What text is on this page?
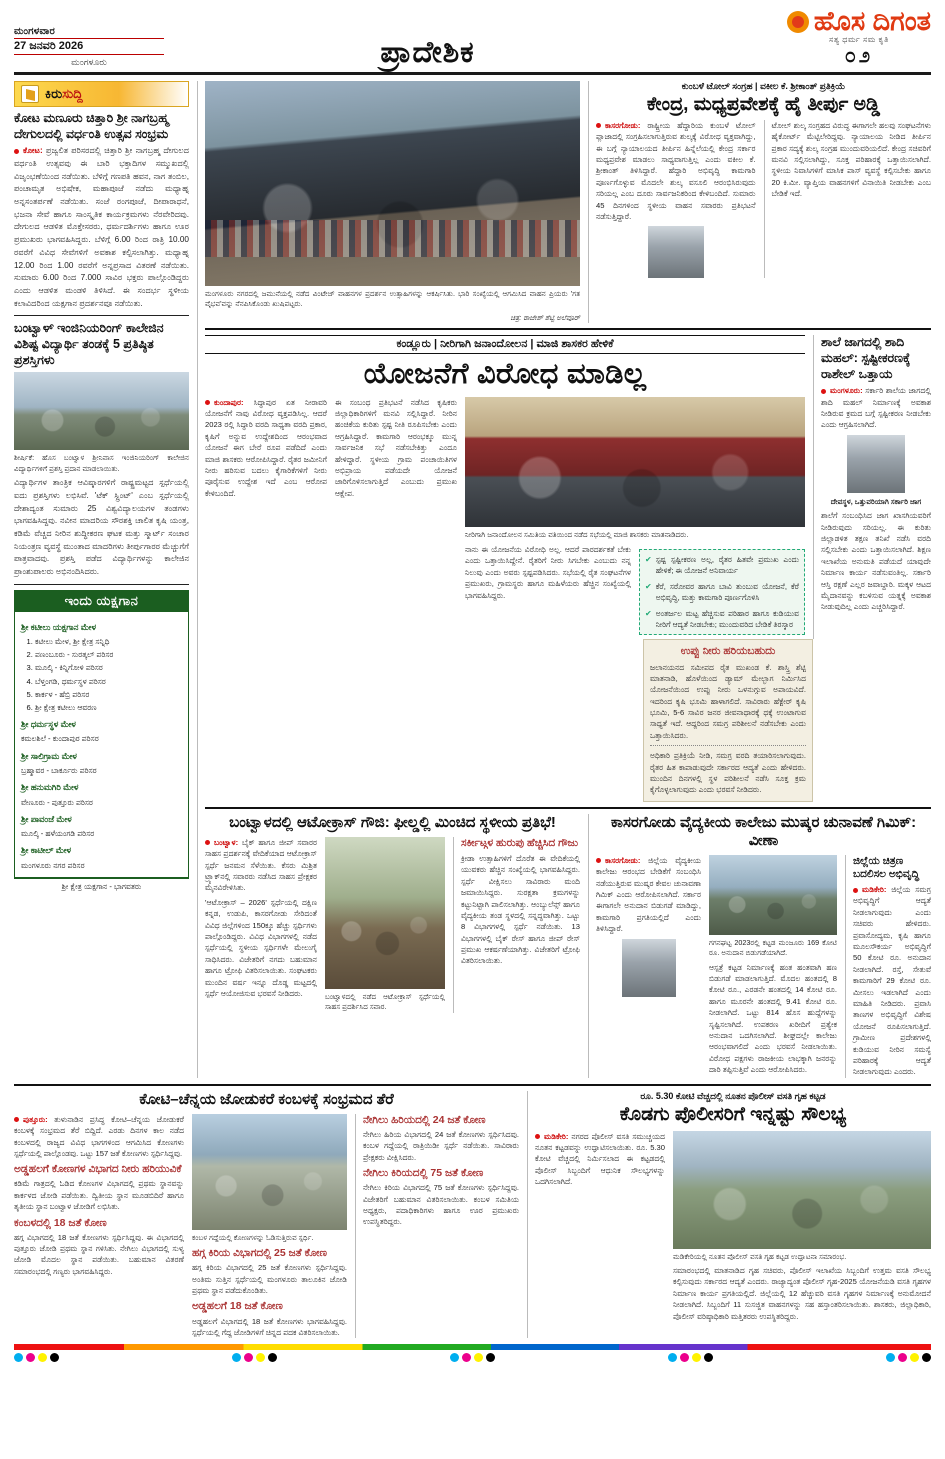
ಮಂಗಳವಾರ
27 ಜನವರಿ 2026
ಮಂಗಳೂರು	ಪ್ರಾದೇಶಿಕ
ಹೊಸ ದಿಗಂತ
ಸತ್ಯ ಧರ್ಮ ಸಮ ಕೃತಿ
೦೨
ಕಿರುಸುದ್ದಿ
ಕೋಟ ಮಣೂರು ಚಿತ್ತಾರಿ ಶ್ರೀ ನಾಗಬ್ರಹ್ಮ ದೇಗುಲದಲ್ಲಿ ವರ್ಧಂತಿ ಉತ್ಸವ ಸಂಭ್ರಮ
ಕೋಟ: ಪ್ರಜ್ವಲಿತ ಪರಿಸರದಲ್ಲಿ ಚಿತ್ತಾರಿ ಶ್ರೀ ನಾಗಬ್ರಹ್ಮ ದೇಗುಲದ ವರ್ಧಂತಿ ಉತ್ಸವವು ಈ ಬಾರಿ ಭಕ್ತಾದಿಗಳ ಸಮ್ಮುಖದಲ್ಲಿ ವಿಜೃಂಭಣೆಯಿಂದ ನಡೆಯಿತು. ಬೆಳಿಗ್ಗೆ ಗಣಪತಿ ಹವನ, ನಾಗ ತಂಬಿಲ, ಪಂಚಾಮೃತ ಅಭಿಷೇಕ, ಮಹಾಪೂಜೆ ನಡೆದು ಮಧ್ಯಾಹ್ನ ಅನ್ನಸಂತರ್ಪಣೆ ನಡೆಯಿತು. ಸಂಜೆ ರಂಗಪೂಜೆ, ದೀಪಾರಾಧನೆ, ಭಜನಾ ಸೇವೆ ಹಾಗೂ ಸಾಂಸ್ಕೃತಿಕ ಕಾರ್ಯಕ್ರಮಗಳು ನೆರವೇರಿದವು. ದೇಗುಲದ ಆಡಳಿತ ಮೊಕ್ತೇಸರರು, ಧರ್ಮದರ್ಶಿಗಳು ಹಾಗೂ ಊರ ಪ್ರಮುಖರು ಭಾಗವಹಿಸಿದ್ದರು. ಬೆಳಿಗ್ಗೆ 6.00 ರಿಂದ ರಾತ್ರಿ 10.00 ರವರೆಗೆ ವಿವಿಧ ಸೇವೆಗಳಿಗೆ ಅವಕಾಶ ಕಲ್ಪಿಸಲಾಗಿತ್ತು. ಮಧ್ಯಾಹ್ನ 12.00 ರಿಂದ 1.00 ರವರೆಗೆ ಅನ್ನಪ್ರಸಾದ ವಿತರಣೆ ನಡೆಯಿತು. ಸುಮಾರು 6.00 ರಿಂದ 7.000 ಸಾವಿರ ಭಕ್ತರು ಪಾಲ್ಗೊಂಡಿದ್ದರು ಎಂದು ಆಡಳಿತ ಮಂಡಳಿ ತಿಳಿಸಿದೆ. ಈ ಸಂದರ್ಭ ಸ್ಥಳೀಯ ಕಲಾವಿದರಿಂದ ಯಕ್ಷಗಾನ ಪ್ರದರ್ಶನವೂ ನಡೆಯಿತು.
ಬಂಟ್ವಾಳ್ ಇಂಜಿನಿಯರಿಂಗ್ ಕಾಲೇಜಿನ ವಿಶಿಷ್ಟ ವಿದ್ಯಾರ್ಥಿ ತಂಡಕ್ಕೆ 5 ಪ್ರತಿಷ್ಠಿತ ಪ್ರಶಸ್ತಿಗಳು
ಶೀರ್ಷಿಕೆ: ಹೊಸ ಬಂಟ್ವಾಳ ಶ್ರೀನಿವಾಸ ಇಂಜಿನಿಯರಿಂಗ್ ಕಾಲೇಜಿನ ವಿದ್ಯಾರ್ಥಿಗಳಿಗೆ ಪ್ರಶಸ್ತಿ ಪ್ರದಾನ ಮಾಡಲಾಯಿತು.
ವಿದ್ಯಾರ್ಥಿಗಳ ತಾಂತ್ರಿಕ ಆವಿಷ್ಕಾರಗಳಿಗೆ ರಾಷ್ಟ್ರಮಟ್ಟದ ಸ್ಪರ್ಧೆಯಲ್ಲಿ ಐದು ಪ್ರಶಸ್ತಿಗಳು ಲಭಿಸಿವೆ. 'ಟೆಕ್ ಸ್ಪ್ರಿಂಟ್' ಎಂಬ ಸ್ಪರ್ಧೆಯಲ್ಲಿ ದೇಶಾದ್ಯಂತ ಸುಮಾರು 25 ವಿಶ್ವವಿದ್ಯಾಲಯಗಳ ತಂಡಗಳು ಭಾಗವಹಿಸಿದ್ದವು. ನವೀನ ಮಾದರಿಯ ಸೌರಶಕ್ತಿ ಚಾಲಿತ ಕೃಷಿ ಯಂತ್ರ, ಕಡಿಮೆ ವೆಚ್ಚದ ನೀರಿನ ಶುದ್ಧೀಕರಣ ಘಟಕ ಮತ್ತು ಸ್ಮಾರ್ಟ್ ಸಂಚಾರ ನಿಯಂತ್ರಣ ವ್ಯವಸ್ಥೆ ಮುಂತಾದ ಮಾದರಿಗಳು ತೀರ್ಪುಗಾರರ ಮೆಚ್ಚುಗೆಗೆ ಪಾತ್ರವಾದವು. ಪ್ರಶಸ್ತಿ ಪಡೆದ ವಿದ್ಯಾರ್ಥಿಗಳನ್ನು ಕಾಲೇಜಿನ ಪ್ರಾಂಶುಪಾಲರು ಅಭಿನಂದಿಸಿದರು.
ಇಂದು ಯಕ್ಷಗಾನ
ಶ್ರೀ ಕಟೀಲು ಯಕ್ಷಗಾನ ಮೇಳ
1. ಕಟೀಲು ಮೇಳ, ಶ್ರೀ ಕ್ಷೇತ್ರ ಸನ್ನಿಧಿ
2. ಪಣಂಬೂರು - ಸುರತ್ಕಲ್ ಪರಿಸರ
3. ಮೂಲ್ಕಿ - ಕಿನ್ನಿಗೋಳಿ ಪರಿಸರ
4. ಬೆಳ್ತಂಗಡಿ, ಧರ್ಮಸ್ಥಳ ಪರಿಸರ
5. ಕಾರ್ಕಳ - ಹೆಬ್ರಿ ಪರಿಸರ
6. ಶ್ರೀ ಕ್ಷೇತ್ರ ಕಟೀಲು ಆವರಣ
ಶ್ರೀ ಧರ್ಮಸ್ಥಳ ಮೇಳ
ಕಮಲಶಿಲೆ - ಕುಂದಾಪುರ ಪರಿಸರ
ಶ್ರೀ ಸಾಲಿಗ್ರಾಮ ಮೇಳ
ಬ್ರಹ್ಮಾವರ - ಬಾರ್ಕೂರು ಪರಿಸರ
ಶ್ರೀ ಹನುಮಗಿರಿ ಮೇಳ
ವೇಣೂರು - ಪುತ್ತೂರು ಪರಿಸರ
ಶ್ರೀ ಪಾವಂಜೆ ಮೇಳ
ಮೂಲ್ಕಿ - ಹಳೆಯಂಗಡಿ ಪರಿಸರ
ಶ್ರೀ ಕಾಟೀಲ್ ಮೇಳ
ಮಂಗಳೂರು ನಗರ ಪರಿಸರ
ಶ್ರೀ ಕ್ಷೇತ್ರ ಯಕ್ಷಗಾನ - ಭಾಗವತರು
ಮಂಗಳೂರು ನಗರದಲ್ಲಿ ಜಮುನೆಯಲ್ಲಿ ನಡೆದ ವಿಂಟೇಜ್ ವಾಹನಗಳ ಪ್ರದರ್ಶನ ಉತ್ಸಾಹಿಗಳನ್ನು ಆಕರ್ಷಿಸಿತು. ಭಾರಿ ಸಂಖ್ಯೆಯಲ್ಲಿ ಆಗಮಿಸಿದ ವಾಹನ ಪ್ರಿಯರು 'ಗತ ವೈಭವ'ವನ್ನು ನೆನಪಿಸಿಕೊಂಡು ಖುಷಿಪಟ್ಟರು.
ಚಿತ್ರ: ರಾಜೇಶ್ ಶೆಟ್ಟಿ ಅಲೆವೂರ್
ಕುಂಬಳೆ ಟೋಲ್ ಸಂಗ್ರಹ | ವಕೀಲ ಕೆ. ಶ್ರೀಕಾಂತ್ ಪ್ರತಿಕ್ರಿಯೆ
ಕೇಂದ್ರ, ಮಧ್ಯಪ್ರವೇಶಕ್ಕೆ ಹೈ ತೀರ್ಪು ಅಡ್ಡಿ
ಕಾಸರಗೋಡು: ರಾಷ್ಟ್ರೀಯ ಹೆದ್ದಾರಿಯ ಕುಂಬಳೆ ಟೋಲ್ ಪ್ಲಾಜಾದಲ್ಲಿ ಸಂಗ್ರಹಿಸಲಾಗುತ್ತಿರುವ ಶುಲ್ಕಕ್ಕೆ ವಿರೋಧ ವ್ಯಕ್ತವಾಗಿದ್ದು, ಈ ಬಗ್ಗೆ ನ್ಯಾಯಾಲಯದ ತೀರ್ಪಿನ ಹಿನ್ನೆಲೆಯಲ್ಲಿ ಕೇಂದ್ರ ಸರ್ಕಾರ ಮಧ್ಯಪ್ರವೇಶ ಮಾಡಲು ಸಾಧ್ಯವಾಗುತ್ತಿಲ್ಲ ಎಂದು ವಕೀಲ ಕೆ. ಶ್ರೀಕಾಂತ್ ತಿಳಿಸಿದ್ದಾರೆ. ಹೆದ್ದಾರಿ ಅಭಿವೃದ್ಧಿ ಕಾಮಗಾರಿ ಪೂರ್ಣಗೊಳ್ಳುವ ಮೊದಲೇ ಶುಲ್ಕ ವಸೂಲಿ ಆರಂಭಿಸಿರುವುದು ಸರಿಯಲ್ಲ ಎಂಬ ದೂರು ಸಾರ್ವಜನಿಕರಿಂದ ಕೇಳಿಬಂದಿದೆ. ಸುಮಾರು 45 ದಿನಗಳಿಂದ ಸ್ಥಳೀಯ ವಾಹನ ಸವಾರರು ಪ್ರತಿಭಟನೆ ನಡೆಸುತ್ತಿದ್ದಾರೆ.
ಟೋಲ್ ಶುಲ್ಕ ಸಂಗ್ರಹದ ವಿರುದ್ಧ ಈಗಾಗಲೇ ಹಲವು ಸಂಘಟನೆಗಳು ಹೈಕೋರ್ಟ್ ಮೆಟ್ಟಿಲೇರಿದ್ದವು. ನ್ಯಾಯಾಲಯ ನೀಡಿದ ತೀರ್ಪಿನ ಪ್ರಕಾರ ಸದ್ಯಕ್ಕೆ ಶುಲ್ಕ ಸಂಗ್ರಹ ಮುಂದುವರಿಯಲಿದೆ. ಕೇಂದ್ರ ಸಚಿವರಿಗೆ ಮನವಿ ಸಲ್ಲಿಸಲಾಗಿದ್ದು, ಸೂಕ್ತ ಪರಿಹಾರಕ್ಕೆ ಒತ್ತಾಯಿಸಲಾಗಿದೆ. ಸ್ಥಳೀಯ ನಿವಾಸಿಗಳಿಗೆ ಮಾಸಿಕ ಪಾಸ್ ವ್ಯವಸ್ಥೆ ಕಲ್ಪಿಸಬೇಕು ಹಾಗೂ 20 ಕಿ.ಮೀ. ವ್ಯಾಪ್ತಿಯ ವಾಹನಗಳಿಗೆ ವಿನಾಯಿತಿ ನೀಡಬೇಕು ಎಂಬ ಬೇಡಿಕೆ ಇದೆ.
ಕಂಡ್ಲೂರು | ನೀರಿಗಾಗಿ ಜನಾಂದೋಲನ | ಮಾಜಿ ಶಾಸಕರ ಹೇಳಿಕೆ
ಯೋಜನೆಗೆ ವಿರೋಧ ಮಾಡಿಲ್ಲ
ಕುಂದಾಪುರ: ಸಿದ್ಧಾಪುರ ಏತ ನೀರಾವರಿ ಯೋಜನೆಗೆ ನಾವು ವಿರೋಧ ವ್ಯಕ್ತಪಡಿಸಿಲ್ಲ. ಆದರೆ 2023 ರಲ್ಲಿ ಸಿದ್ಧಾರಿ ವರದಿ ಸಾಧ್ಯತಾ ವರದಿ ಪ್ರಕಾರ, ಕೃಷಿಗೆ ಅನ್ನುವ ಉದ್ದೇಶದಿಂದ ಆರಂಭವಾದ ಯೋಜನೆ ಈಗ ಬೇರೆ ರೂಪ ಪಡೆದಿದೆ ಎಂದು ಮಾಜಿ ಶಾಸಕರು ಆರೋಪಿಸಿದ್ದಾರೆ. ರೈತರ ಜಮೀನಿಗೆ ನೀರು ಹರಿಸುವ ಬದಲು ಕೈಗಾರಿಕೆಗಳಿಗೆ ನೀರು ಪೂರೈಸುವ ಉದ್ದೇಶ ಇದೆ ಎಂಬ ಆರೋಪ ಕೇಳಿಬಂದಿದೆ.
ಈ ಸಂಬಂಧ ಪ್ರತಿಭಟನೆ ನಡೆಸಿದ ಕೃಷಿಕರು ಜಿಲ್ಲಾಧಿಕಾರಿಗಳಿಗೆ ಮನವಿ ಸಲ್ಲಿಸಿದ್ದಾರೆ. ನೀರಿನ ಹಂಚಿಕೆಯ ಕುರಿತು ಸ್ಪಷ್ಟ ನೀತಿ ರೂಪಿಸಬೇಕು ಎಂದು ಆಗ್ರಹಿಸಿದ್ದಾರೆ. ಕಾಮಗಾರಿ ಆರಂಭಕ್ಕೂ ಮುನ್ನ ಸಾರ್ವಜನಿಕ ಸಭೆ ನಡೆಸಬೇಕಿತ್ತು ಎಂದೂ ಹೇಳಿದ್ದಾರೆ. ಸ್ಥಳೀಯ ಗ್ರಾಮ ಪಂಚಾಯಿತಿಗಳ ಅಭಿಪ್ರಾಯ ಪಡೆಯದೇ ಯೋಜನೆ ಜಾರಿಗೊಳಿಸಲಾಗುತ್ತಿದೆ ಎಂಬುದು ಪ್ರಮುಖ ಆಕ್ಷೇಪ.
ನೀರಿಗಾಗಿ ಜನಾಂದೋಲನ ಸಮಿತಿಯ ವತಿಯಿಂದ ನಡೆದ ಸಭೆಯಲ್ಲಿ ಮಾಜಿ ಶಾಸಕರು ಮಾತನಾಡಿದರು.
ನಾನು ಈ ಯೋಜನೆಯ ವಿರೋಧಿ ಅಲ್ಲ. ಆದರೆ ಪಾರದರ್ಶಕತೆ ಬೇಕು ಎಂದು ಒತ್ತಾಯಿಸಿದ್ದೇನೆ. ರೈತರಿಗೆ ನೀರು ಸಿಗಬೇಕು ಎಂಬುದು ನನ್ನ ನಿಲುವು ಎಂದು ಅವರು ಸ್ಪಷ್ಟಪಡಿಸಿದರು. ಸಭೆಯಲ್ಲಿ ರೈತ ಸಂಘಟನೆಗಳ ಪ್ರಮುಖರು, ಗ್ರಾಮಸ್ಥರು ಹಾಗೂ ಮಹಿಳೆಯರು ಹೆಚ್ಚಿನ ಸಂಖ್ಯೆಯಲ್ಲಿ ಭಾಗವಹಿಸಿದ್ದರು.
✔ ಸ್ಪಷ್ಟ ಸ್ಪಷ್ಟೀಕರಣ ಅಲ್ಲ, ರೈತರ ಹಿತವೇ ಪ್ರಮುಖ ಎಂದು ಹೇಳಿಕೆ; ಈ ಯೋಜನೆ ಅನಿವಾರ್ಯ
✔ ಕೆರೆ, ಸರೋವರ ಹಾಗೂ ಬಾವಿ ತುಂಬುವ ಯೋಜನೆ, ಕೆರೆ ಅಭಿವೃದ್ಧಿ, ಮತ್ತು ಕಾಮಗಾರಿ ಪೂರ್ಣಗೊಳಿಸಿ
✔ ಅಂತರ್ಜಲ ಮಟ್ಟ ಹೆಚ್ಚಿಸುವ ಪರಿಹಾರ ಹಾಗೂ ಕುಡಿಯುವ ನೀರಿಗೆ ಆದ್ಯತೆ ನೀಡಬೇಕು; ಮುಂದುವರಿದ ಬೇಡಿಕೆ ತಿರಸ್ಕಾರ
ಶಾಲೆ ಜಾಗದಲ್ಲಿ ಶಾದಿ ಮಹಲ್: ಸ್ಪಷ್ಟೀಕರಣಕ್ಕೆ ರಾಶೇಲ್ ಒತ್ತಾಯ
ಮಂಗಳೂರು: ಸರ್ಕಾರಿ ಶಾಲೆಯ ಜಾಗದಲ್ಲಿ ಶಾದಿ ಮಹಲ್ ನಿರ್ಮಾಣಕ್ಕೆ ಅವಕಾಶ ನೀಡಿರುವ ಕ್ರಮದ ಬಗ್ಗೆ ಸ್ಪಷ್ಟೀಕರಣ ನೀಡಬೇಕು ಎಂದು ಆಗ್ರಹಿಸಲಾಗಿದೆ.
ದೇವಸ್ಥಳ, ಒತ್ತುವರಿಯಾಗಿ ಸರ್ಕಾರಿ ಜಾಗ
ಶಾಲೆಗೆ ಸಂಬಂಧಿಸಿದ ಜಾಗ ಖಾಸಗಿಯವರಿಗೆ ನೀಡಿರುವುದು ಸರಿಯಲ್ಲ. ಈ ಕುರಿತು ಜಿಲ್ಲಾಡಳಿತ ತಕ್ಷಣ ತನಿಖೆ ನಡೆಸಿ ವರದಿ ಸಲ್ಲಿಸಬೇಕು ಎಂದು ಒತ್ತಾಯಿಸಲಾಗಿದೆ. ಶಿಕ್ಷಣ ಇಲಾಖೆಯ ಅನುಮತಿ ಪಡೆಯದೆ ಯಾವುದೇ ನಿರ್ಮಾಣ ಕಾರ್ಯ ನಡೆಸುವಂತಿಲ್ಲ. ಸರ್ಕಾರಿ ಆಸ್ತಿ ರಕ್ಷಣೆ ಎಲ್ಲರ ಜವಾಬ್ದಾರಿ. ಮಕ್ಕಳ ಆಟದ ಮೈದಾನವನ್ನು ಕಬಳಿಸುವ ಯತ್ನಕ್ಕೆ ಅವಕಾಶ ನೀಡುವುದಿಲ್ಲ ಎಂದು ಎಚ್ಚರಿಸಿದ್ದಾರೆ.
ಉಪ್ಪು ನೀರು ಹರಿಯಬಹುದು
ಜಲಾನಯನದ ಸಮೀಪದ ರೈತ ಮುಖಂಡ ಕೆ. ಶಾಸ್ತ್ರಿ ಶೆಟ್ಟಿ ಮಾತನಾಡಿ, ಹೊಳೆಯಿಂದ ಡ್ಯಾಮ್ ಮೇಲ್ಭಾಗ ನಿರ್ಮಿಸಿದ ಯೋಜನೆಯಿಂದ ಉಪ್ಪು ನೀರು ಒಳನುಗ್ಗುವ ಅಪಾಯವಿದೆ. ಇದರಿಂದ ಕೃಷಿ ಭೂಮಿ ಹಾಳಾಗಲಿದೆ. ಸಾವಿರಾರು ಹೆಕ್ಟೇರ್ ಕೃಷಿ ಭೂಮಿ, 5-6 ಸಾವಿರ ಜನರ ಜೀವನಾಧಾರಕ್ಕೆ ಧಕ್ಕೆ ಉಂಟಾಗುವ ಸಾಧ್ಯತೆ ಇದೆ. ಆದ್ದರಿಂದ ಸಮಗ್ರ ಪರಿಶೀಲನೆ ನಡೆಸಬೇಕು ಎಂದು ಒತ್ತಾಯಿಸಿದರು.
ಅಧಿಕಾರಿ ಪ್ರತಿಕ್ರಿಯೆ ನೀಡಿ, ಸಮಗ್ರ ವರದಿ ತಯಾರಿಸಲಾಗುವುದು. ರೈತರ ಹಿತ ಕಾಪಾಡುವುದೇ ಸರ್ಕಾರದ ಆದ್ಯತೆ ಎಂದು ಹೇಳಿದರು. ಮುಂದಿನ ದಿನಗಳಲ್ಲಿ ಸ್ಥಳ ಪರಿಶೀಲನೆ ನಡೆಸಿ ಸೂಕ್ತ ಕ್ರಮ ಕೈಗೊಳ್ಳಲಾಗುವುದು ಎಂದು ಭರವಸೆ ನೀಡಿದರು.
ಬಂಟ್ವಾಳದಲ್ಲಿ ಆಟೋಕ್ರಾಸ್ ಗೌಜಿ: ಫೀಲ್ಡಲ್ಲಿ ಮಿಂಚಿದ ಸ್ಥಳೀಯ ಪ್ರತಿಭೆ!
ಬಂಟ್ವಾಳ: ಬೈಕ್ ಹಾಗೂ ಜೀಪ್ ಸವಾರರ ಸಾಹಸ ಪ್ರದರ್ಶನಕ್ಕೆ ವೇದಿಕೆಯಾದ ಆಟೋಕ್ರಾಸ್ ಸ್ಪರ್ಧೆ ಜನಮನ ಸೆಳೆಯಿತು. ಕೆಸರು ಮಿಶ್ರಿತ ಟ್ರ್ಯಾಕ್‌ನಲ್ಲಿ ಸವಾರರು ನಡೆಸಿದ ಸಾಹಸ ಪ್ರೇಕ್ಷಕರ ಮೈನವಿರೇಳಿಸಿತು.
'ಆಟೋಕ್ರಾಸ್ – 2026' ಸ್ಪರ್ಧೆಯಲ್ಲಿ ದಕ್ಷಿಣ ಕನ್ನಡ, ಉಡುಪಿ, ಕಾಸರಗೋಡು ಸೇರಿದಂತೆ ವಿವಿಧ ಜಿಲ್ಲೆಗಳಿಂದ 150ಕ್ಕೂ ಹೆಚ್ಚು ಸ್ಪರ್ಧಿಗಳು ಪಾಲ್ಗೊಂಡಿದ್ದರು. ವಿವಿಧ ವಿಭಾಗಗಳಲ್ಲಿ ನಡೆದ ಸ್ಪರ್ಧೆಯಲ್ಲಿ ಸ್ಥಳೀಯ ಸ್ಪರ್ಧಿಗಳೇ ಮೇಲುಗೈ ಸಾಧಿಸಿದರು. ವಿಜೇತರಿಗೆ ನಗದು ಬಹುಮಾನ ಹಾಗೂ ಟ್ರೋಫಿ ವಿತರಿಸಲಾಯಿತು. ಸಂಘಟಕರು ಮುಂದಿನ ವರ್ಷ ಇನ್ನೂ ದೊಡ್ಡ ಮಟ್ಟದಲ್ಲಿ ಸ್ಪರ್ಧೆ ಆಯೋಜಿಸುವ ಭರವಸೆ ನೀಡಿದರು.	ಬಂಟ್ವಾಳದಲ್ಲಿ ನಡೆದ ಆಟೋಕ್ರಾಸ್ ಸ್ಪರ್ಧೆಯಲ್ಲಿ ಸಾಹಸ ಪ್ರದರ್ಶಿಸಿದ ಸವಾರ.
ಸರ್ಕೀಟ್ಗಳ ಹುರುಪು ಹೆಚ್ಚಿಸಿದ ಗೌಜು
ಕ್ರೀಡಾ ಉತ್ಸಾಹಿಗಳಿಗೆ ದೊರೆತ ಈ ವೇದಿಕೆಯಲ್ಲಿ ಯುವಕರು ಹೆಚ್ಚಿನ ಸಂಖ್ಯೆಯಲ್ಲಿ ಭಾಗವಹಿಸಿದ್ದರು. ಸ್ಪರ್ಧೆ ವೀಕ್ಷಿಸಲು ಸಾವಿರಾರು ಮಂದಿ ಜಮಾಯಿಸಿದ್ದರು. ಸುರಕ್ಷತಾ ಕ್ರಮಗಳನ್ನು ಕಟ್ಟುನಿಟ್ಟಾಗಿ ಪಾಲಿಸಲಾಗಿತ್ತು. ಆಂಬ್ಯುಲೆನ್ಸ್ ಹಾಗೂ ವೈದ್ಯಕೀಯ ತಂಡ ಸ್ಥಳದಲ್ಲಿ ಸನ್ನದ್ಧವಾಗಿತ್ತು. ಒಟ್ಟು 8 ವಿಭಾಗಗಳಲ್ಲಿ ಸ್ಪರ್ಧೆ ನಡೆಯಿತು. 13 ವಿಭಾಗಗಳಲ್ಲಿ ಬೈಕ್ ರೇಸ್ ಹಾಗೂ ಜೀಪ್ ರೇಸ್ ಪ್ರಮುಖ ಆಕರ್ಷಣೆಯಾಗಿತ್ತು. ವಿಜೇತರಿಗೆ ಟ್ರೋಫಿ ವಿತರಿಸಲಾಯಿತು.
ಕಾಸರಗೋಡು ವೈದ್ಯಕೀಯ ಕಾಲೇಜು ಮುಷ್ಕರ ಚುನಾವಣೆ ಗಿಮಿಕ್: ವೀಣಾ
ಕಾಸರಗೋಡು: ಜಿಲ್ಲೆಯ ವೈದ್ಯಕೀಯ ಕಾಲೇಜು ಆರಂಭದ ಬೇಡಿಕೆಗೆ ಸಂಬಂಧಿಸಿ ನಡೆಯುತ್ತಿರುವ ಮುಷ್ಕರ ಕೇವಲ ಚುನಾವಣಾ ಗಿಮಿಕ್ ಎಂದು ಆರೋಪಿಸಲಾಗಿದೆ. ಸರ್ಕಾರ ಈಗಾಗಲೇ ಅನುದಾನ ಬಿಡುಗಡೆ ಮಾಡಿದ್ದು, ಕಾಮಗಾರಿ ಪ್ರಗತಿಯಲ್ಲಿದೆ ಎಂದು ತಿಳಿಸಿದ್ದಾರೆ.
ಗಗನಘಟ್ಟ 2023ರಲ್ಲಿ ಕಟ್ಟಡ ಮಂಜೂರು 169 ಕೋಟಿ ರೂ. ಅನುದಾನ ಬಿಡುಗಡೆಯಾಗಿದೆ.
ಆಸ್ಪತ್ರೆ ಕಟ್ಟಡ ನಿರ್ಮಾಣಕ್ಕೆ ಹಂತ ಹಂತವಾಗಿ ಹಣ ಬಿಡುಗಡೆ ಮಾಡಲಾಗುತ್ತಿದೆ. ಮೊದಲ ಹಂತದಲ್ಲಿ 8 ಕೋಟಿ ರೂ., ಎರಡನೇ ಹಂತದಲ್ಲಿ 14 ಕೋಟಿ ರೂ. ಹಾಗೂ ಮೂರನೇ ಹಂತದಲ್ಲಿ 9.41 ಕೋಟಿ ರೂ. ನೀಡಲಾಗಿದೆ. ಒಟ್ಟು 814 ಹೊಸ ಹುದ್ದೆಗಳನ್ನು ಸೃಷ್ಟಿಸಲಾಗಿದೆ. ಉಪಕರಣ ಖರೀದಿಗೆ ಪ್ರತ್ಯೇಕ ಅನುದಾನ ಒದಗಿಸಲಾಗಿದೆ. ಶೀಘ್ರದಲ್ಲೇ ಕಾಲೇಜು ಆರಂಭವಾಗಲಿದೆ ಎಂದು ಭರವಸೆ ನೀಡಲಾಯಿತು. ವಿರೋಧ ಪಕ್ಷಗಳು ರಾಜಕೀಯ ಲಾಭಕ್ಕಾಗಿ ಜನರನ್ನು ದಾರಿ ತಪ್ಪಿಸುತ್ತಿವೆ ಎಂದು ಆರೋಪಿಸಿದರು.
ಜಿಲ್ಲೆಯ ಚಿತ್ರಣ ಬದಲಿಸಲ ಅಭಿವೃದ್ಧಿ
ಮಡಿಕೇರಿ: ಜಿಲ್ಲೆಯ ಸಮಗ್ರ ಅಭಿವೃದ್ಧಿಗೆ ಆದ್ಯತೆ ನೀಡಲಾಗುವುದು ಎಂದು ಸಚಿವರು ಹೇಳಿದರು. ಪ್ರವಾಸೋದ್ಯಮ, ಕೃಷಿ ಹಾಗೂ ಮೂಲಸೌಕರ್ಯ ಅಭಿವೃದ್ಧಿಗೆ 50 ಕೋಟಿ ರೂ. ಅನುದಾನ ನೀಡಲಾಗಿದೆ. ರಸ್ತೆ, ಸೇತುವೆ ಕಾಮಗಾರಿಗೆ 29 ಕೋಟಿ ರೂ. ಮೀಸಲು ಇಡಲಾಗಿದೆ ಎಂದು ಮಾಹಿತಿ ನೀಡಿದರು. ಪ್ರವಾಸಿ ತಾಣಗಳ ಅಭಿವೃದ್ಧಿಗೆ ವಿಶೇಷ ಯೋಜನೆ ರೂಪಿಸಲಾಗುತ್ತಿದೆ. ಗ್ರಾಮೀಣ ಪ್ರದೇಶಗಳಲ್ಲಿ ಕುಡಿಯುವ ನೀರಿನ ಸಮಸ್ಯೆ ಪರಿಹಾರಕ್ಕೆ ಆದ್ಯತೆ ನೀಡಲಾಗುವುದು ಎಂದರು.
ಕೋಟಿ–ಚೆನ್ನಯ ಜೋಡುಕರೆ ಕಂಬಳಕ್ಕೆ ಸಂಭ್ರಮದ ತೆರೆ
ಪುತ್ತೂರು: ತುಳುನಾಡಿನ ಪ್ರಸಿದ್ಧ ಕೋಟಿ–ಚೆನ್ನಯ ಜೋಡುಕರೆ ಕಂಬಳಕ್ಕೆ ಸಂಭ್ರಮದ ತೆರೆ ಬಿದ್ದಿದೆ. ಎರಡು ದಿನಗಳ ಕಾಲ ನಡೆದ ಕಂಬಳದಲ್ಲಿ ರಾಜ್ಯದ ವಿವಿಧ ಭಾಗಗಳಿಂದ ಆಗಮಿಸಿದ ಕೋಣಗಳು ಸ್ಪರ್ಧೆಯಲ್ಲಿ ಪಾಲ್ಗೊಂಡವು. ಒಟ್ಟು 157 ಜತೆ ಕೋಣಗಳು ಸ್ಪರ್ಧಿಸಿದ್ದವು.
ಅಡ್ಡಹಲಗೆ ಕೋಣಗಳ ವಿಭಾಗದ ನೀರು ಹರಿಯುವಿಕೆ
ಕಡಿಮೆ ಗಾತ್ರದಲ್ಲಿ ಓಡಿದ ಕೋಣಗಳ ವಿಭಾಗದಲ್ಲಿ ಪ್ರಥಮ ಸ್ಥಾನವನ್ನು ಕಾರ್ಕಳದ ಜೋಡಿ ಪಡೆಯಿತು. ದ್ವಿತೀಯ ಸ್ಥಾನ ಮೂಡಬಿದಿರೆ ಹಾಗೂ ತೃತೀಯ ಸ್ಥಾನ ಬಂಟ್ವಾಳ ಜೋಡಿಗೆ ಲಭಿಸಿತು.
ಕಂಬಳದಲ್ಲಿ 18 ಜತೆ ಕೋಣ
ಹಗ್ಗ ವಿಭಾಗದಲ್ಲಿ 18 ಜತೆ ಕೋಣಗಳು ಸ್ಪರ್ಧಿಸಿದ್ದವು. ಈ ವಿಭಾಗದಲ್ಲಿ ಪುತ್ತೂರು ಜೋಡಿ ಪ್ರಥಮ ಸ್ಥಾನ ಗಳಿಸಿತು. ನೇಗಿಲು ವಿಭಾಗದಲ್ಲಿ ಸುಳ್ಯ ಜೋಡಿ ಮೊದಲ ಸ್ಥಾನ ಪಡೆಯಿತು. ಬಹುಮಾನ ವಿತರಣೆ ಸಮಾರಂಭದಲ್ಲಿ ಗಣ್ಯರು ಭಾಗವಹಿಸಿದ್ದರು.
ಕಂಬಳ ಗದ್ದೆಯಲ್ಲಿ ಕೋಣಗಳನ್ನು ಓಡಿಸುತ್ತಿರುವ ಸ್ಪರ್ಧಿ.
ಹಗ್ಗ ಕಿರಿಯ ವಿಭಾಗದಲ್ಲಿ 25 ಜತೆ ಕೋಣ
ಹಗ್ಗ ಕಿರಿಯ ವಿಭಾಗದಲ್ಲಿ 25 ಜತೆ ಕೋಣಗಳು ಸ್ಪರ್ಧಿಸಿದ್ದವು. ಅಂತಿಮ ಸುತ್ತಿನ ಸ್ಪರ್ಧೆಯಲ್ಲಿ ಮಂಗಳೂರು ತಾಲೂಕಿನ ಜೋಡಿ ಪ್ರಥಮ ಸ್ಥಾನ ಪಡೆದುಕೊಂಡಿತು.
ಅಡ್ಡಹಲಗೆ 18 ಜತೆ ಕೋಣ
ಅಡ್ಡಹಲಗೆ ವಿಭಾಗದಲ್ಲಿ 18 ಜತೆ ಕೋಣಗಳು ಭಾಗವಹಿಸಿದ್ದವು. ಸ್ಪರ್ಧೆಯಲ್ಲಿ ಗೆದ್ದ ಜೋಡಿಗಳಿಗೆ ಚಿನ್ನದ ಪದಕ ವಿತರಿಸಲಾಯಿತು.
ನೇಗಿಲು ಹಿರಿಯದಲ್ಲಿ 24 ಜತೆ ಕೋಣ
ನೇಗಿಲು ಹಿರಿಯ ವಿಭಾಗದಲ್ಲಿ 24 ಜತೆ ಕೋಣಗಳು ಸ್ಪರ್ಧಿಸಿದವು. ಕಂಬಳ ಗದ್ದೆಯಲ್ಲಿ ರಾತ್ರಿಯಿಡೀ ಸ್ಪರ್ಧೆ ನಡೆಯಿತು. ಸಾವಿರಾರು ಪ್ರೇಕ್ಷಕರು ವೀಕ್ಷಿಸಿದರು.
ನೇಗಿಲು ಕಿರಿಯದಲ್ಲಿ 75 ಜತೆ ಕೋಣ
ನೇಗಿಲು ಕಿರಿಯ ವಿಭಾಗದಲ್ಲಿ 75 ಜತೆ ಕೋಣಗಳು ಸ್ಪರ್ಧಿಸಿದ್ದವು. ವಿಜೇತರಿಗೆ ಬಹುಮಾನ ವಿತರಿಸಲಾಯಿತು. ಕಂಬಳ ಸಮಿತಿಯ ಅಧ್ಯಕ್ಷರು, ಪದಾಧಿಕಾರಿಗಳು ಹಾಗೂ ಊರ ಪ್ರಮುಖರು ಉಪಸ್ಥಿತರಿದ್ದರು.
ರೂ. 5.30 ಕೋಟಿ ವೆಚ್ಚದಲ್ಲಿ ನೂತನ ಪೊಲೀಸ್ ವಸತಿ ಗೃಹ ಕಟ್ಟಡ
ಕೊಡಗು ಪೊಲೀಸರಿಗೆ ಇನ್ನಷ್ಟು ಸೌಲಭ್ಯ
ಮಡಿಕೇರಿ: ನಗರದ ಪೊಲೀಸ್ ವಸತಿ ಸಮುಚ್ಚಯದ ನೂತನ ಕಟ್ಟಡವನ್ನು ಉದ್ಘಾಟಿಸಲಾಯಿತು. ರೂ. 5.30 ಕೋಟಿ ವೆಚ್ಚದಲ್ಲಿ ನಿರ್ಮಿಸಲಾದ ಈ ಕಟ್ಟಡದಲ್ಲಿ ಪೊಲೀಸ್ ಸಿಬ್ಬಂದಿಗೆ ಆಧುನಿಕ ಸೌಲಭ್ಯಗಳನ್ನು ಒದಗಿಸಲಾಗಿದೆ.
ಮಡಿಕೇರಿಯಲ್ಲಿ ನೂತನ ಪೊಲೀಸ್ ವಸತಿ ಗೃಹ ಕಟ್ಟಡ ಉದ್ಘಾಟನಾ ಸಮಾರಂಭ.
ಸಮಾರಂಭದಲ್ಲಿ ಮಾತನಾಡಿದ ಗೃಹ ಸಚಿವರು, ಪೊಲೀಸ್ ಇಲಾಖೆಯ ಸಿಬ್ಬಂದಿಗೆ ಉತ್ತಮ ವಸತಿ ಸೌಲಭ್ಯ ಕಲ್ಪಿಸುವುದು ಸರ್ಕಾರದ ಆದ್ಯತೆ ಎಂದರು. ರಾಜ್ಯಾದ್ಯಂತ ಪೊಲೀಸ್ ಗೃಹ-2025 ಯೋಜನೆಯಡಿ ವಸತಿ ಗೃಹಗಳ ನಿರ್ಮಾಣ ಕಾರ್ಯ ಪ್ರಗತಿಯಲ್ಲಿದೆ. ಜಿಲ್ಲೆಯಲ್ಲಿ 12 ಹೆಚ್ಚುವರಿ ವಸತಿ ಗೃಹಗಳ ನಿರ್ಮಾಣಕ್ಕೆ ಅನುಮೋದನೆ ನೀಡಲಾಗಿದೆ. ಸಿಬ್ಬಂದಿಗೆ 11 ಸುಸಜ್ಜಿತ ವಾಹನಗಳನ್ನು ಸಹ ಹಸ್ತಾಂತರಿಸಲಾಯಿತು. ಶಾಸಕರು, ಜಿಲ್ಲಾಧಿಕಾರಿ, ಪೊಲೀಸ್ ವರಿಷ್ಠಾಧಿಕಾರಿ ಮತ್ತಿತರರು ಉಪಸ್ಥಿತರಿದ್ದರು.
